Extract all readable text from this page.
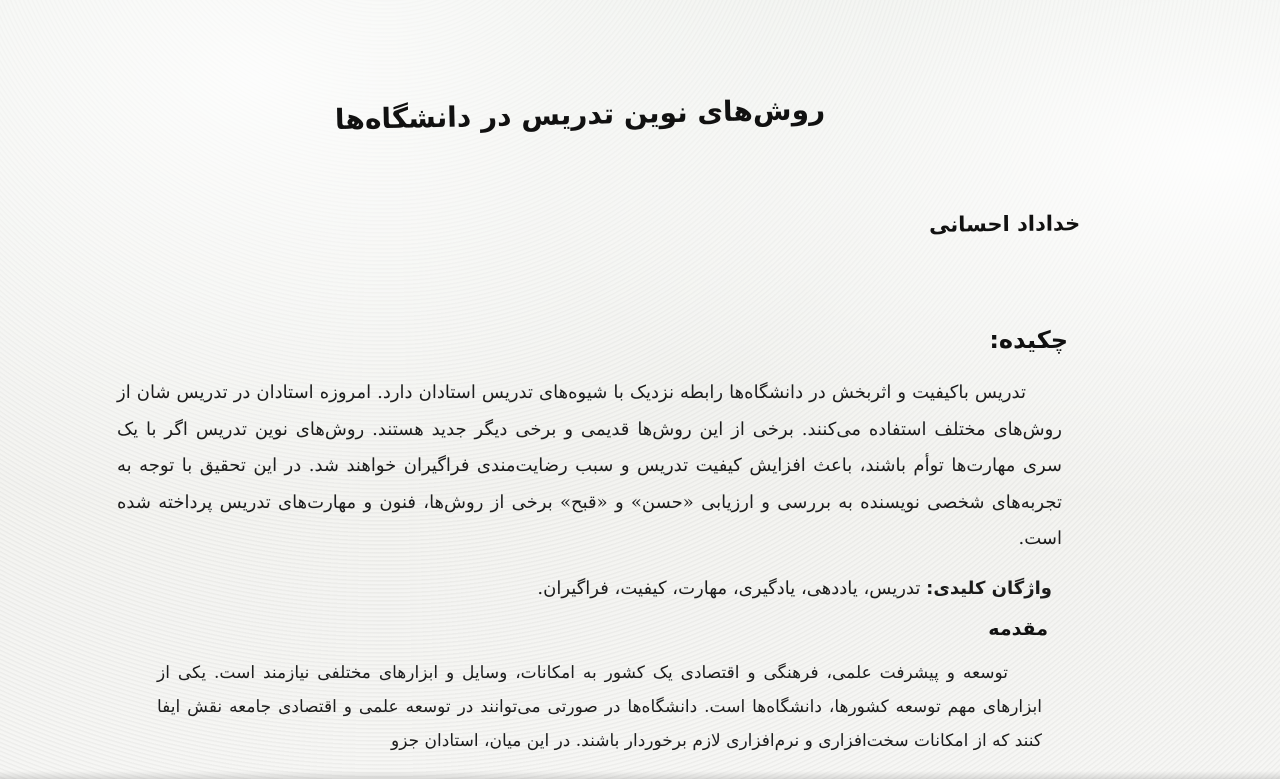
روش‌های نوین تدریس در دانشگاه‌ها
خداداد احسانی
چکیده:

تدریس باکیفیت و اثربخش در دانشگاه‌ها رابطه نزدیک با شیوه‌های تدریس استادان دارد. امروزه استادان در تدریس شان از روش‌های مختلف استفاده می‌کنند. برخی از این روش‌ها قدیمی و برخی دیگر جدید هستند. روش‌های نوین تدریس اگر با یک سری مهارت‌ها توأم باشند، باعث افزایش کیفیت تدریس و سبب رضایت‌مندی فراگیران خواهند شد. در این تحقیق با توجه به تجربه‌های شخصی نویسنده به بررسی و ارزیابی «حسن» و «قبح» برخی از روش‌ها، فنون و مهارت‌های تدریس پرداخته شده است.

واژگان کلیدی: تدریس، یاددهی، یادگیری، مهارت، کیفیت، فراگیران.
مقدمه

توسعه و پیشرفت علمی، فرهنگی و اقتصادی یک کشور به امکانات، وسایل و ابزارهای مختلفی نیازمند است. یکی از ابزارهای مهم توسعه کشورها، دانشگاه‌ها است. دانشگاه‌ها در صورتی می‌توانند در توسعه علمی و اقتصادی جامعه نقش ایفا کنند که از امکانات سخت‌افزاری و نرم‌افزاری لازم برخوردار باشند. در این میان، استادان جزو
